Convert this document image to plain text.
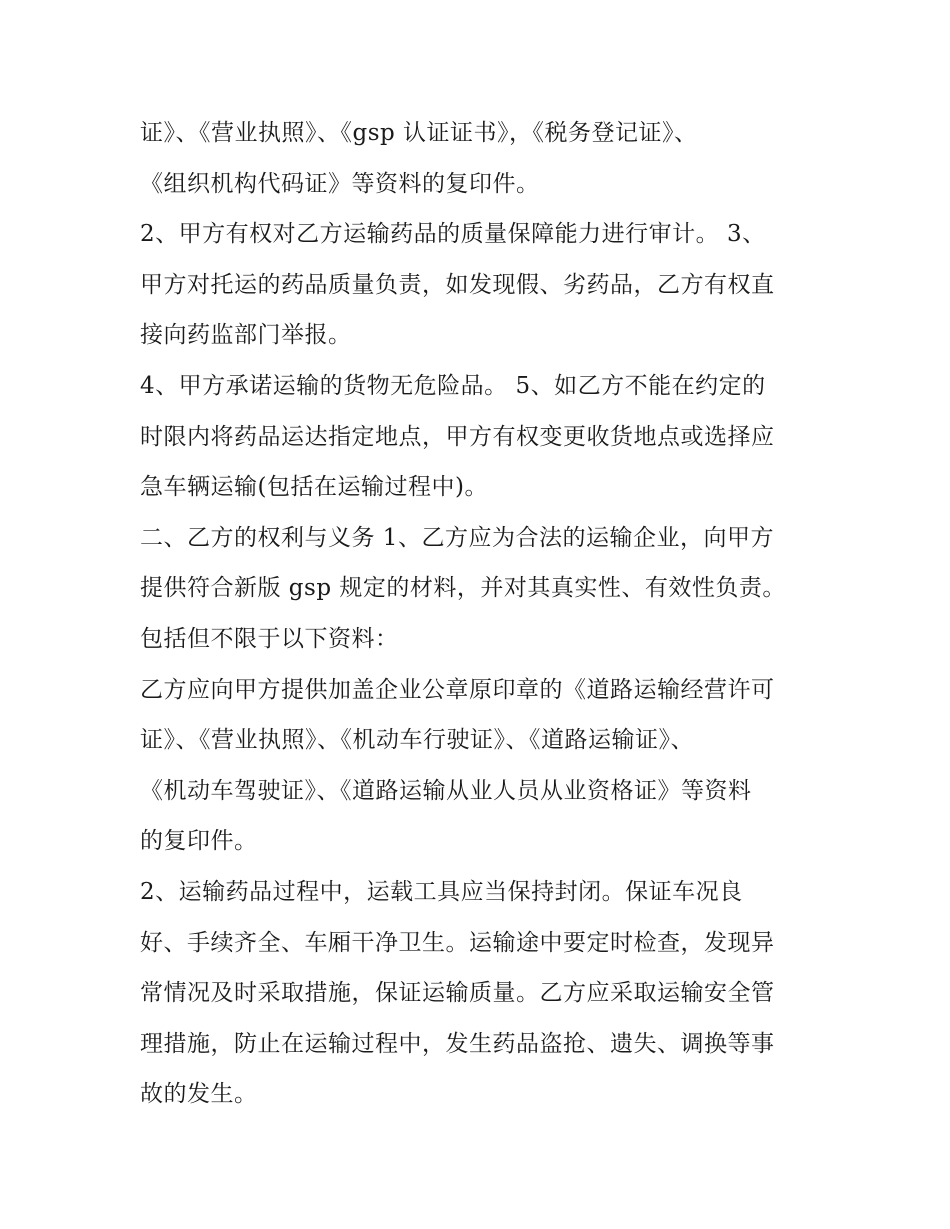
证》、《营业执照》、《gsp 认证证书》，《税务登记证》、
《组织机构代码证》等资料的复印件。
2、甲方有权对乙方运输药品的质量保障能力进行审计。 3、
甲方对托运的药品质量负责，如发现假、劣药品，乙方有权直
接向药监部门举报。
4、甲方承诺运输的货物无危险品。 5、如乙方不能在约定的
时限内将药品运达指定地点，甲方有权变更收货地点或选择应
急车辆运输(包括在运输过程中)。
二、乙方的权利与义务 1、乙方应为合法的运输企业，向甲方
提供符合新版 gsp 规定的材料，并对其真实性、有效性负责。
包括但不限于以下资料：
乙方应向甲方提供加盖企业公章原印章的《道路运输经营许可
证》、《营业执照》、《机动车行驶证》、《道路运输证》、
《机动车驾驶证》、《道路运输从业人员从业资格证》等资料
的复印件。
2、运输药品过程中，运载工具应当保持封闭。保证车况良
好、手续齐全、车厢干净卫生。运输途中要定时检查，发现异
常情况及时采取措施，保证运输质量。乙方应采取运输安全管
理措施，防止在运输过程中，发生药品盗抢、遗失、调换等事
故的发生。
